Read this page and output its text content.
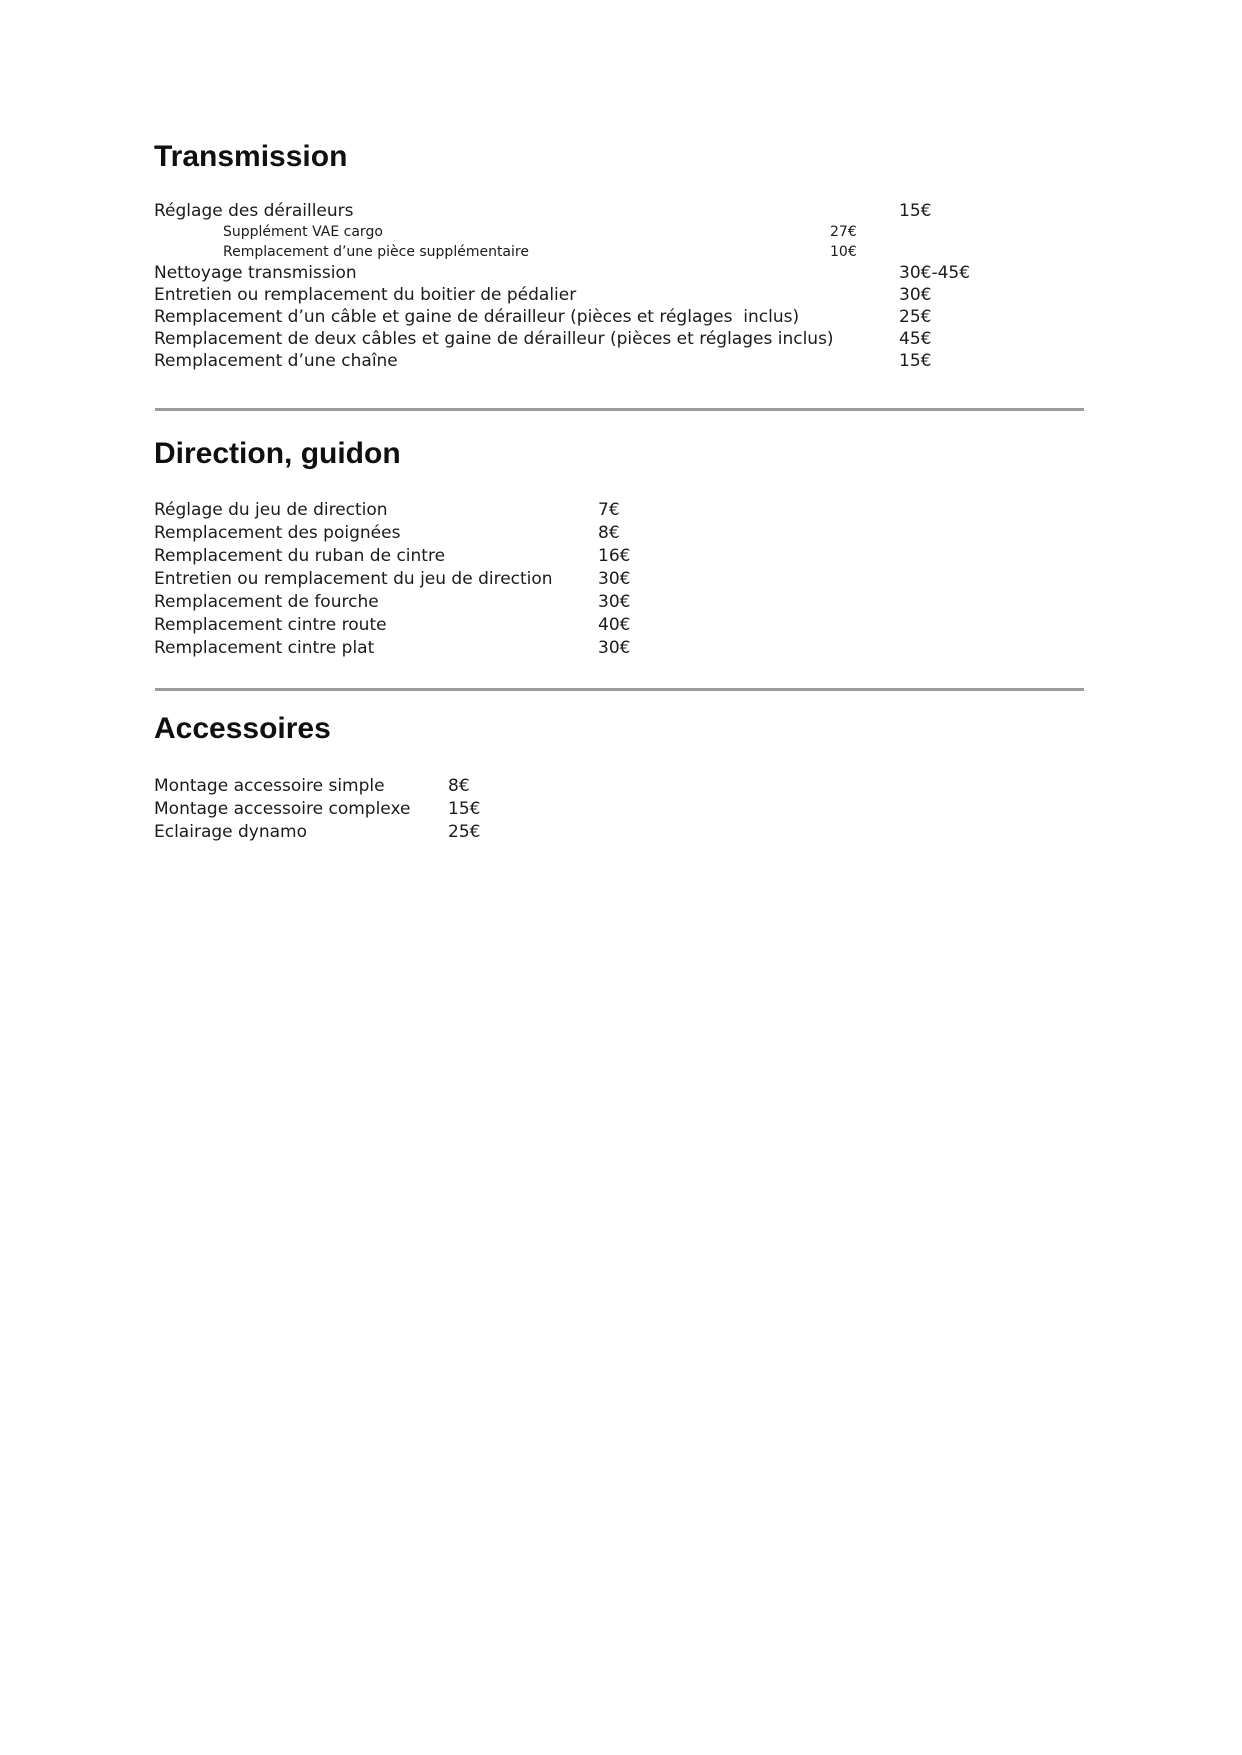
Transmission
Réglage des dérailleurs	15€
Supplément VAE cargo	27€
Remplacement d’une pièce supplémentaire	10€
Nettoyage transmission	30€-45€
Entretien ou remplacement du boitier de pédalier	30€
Remplacement d’un câble et gaine de dérailleur (pièces et réglages  inclus)	25€
Remplacement de deux câbles et gaine de dérailleur (pièces et réglages inclus)	45€
Remplacement d’une chaîne	15€
Direction, guidon
Réglage du jeu de direction	7€
Remplacement des poignées	8€
Remplacement du ruban de cintre	16€
Entretien ou remplacement du jeu de direction	30€
Remplacement de fourche	30€
Remplacement cintre route	40€
Remplacement cintre plat	30€
Accessoires
Montage accessoire simple	8€
Montage accessoire complexe 15€
Eclairage dynamo	25€
